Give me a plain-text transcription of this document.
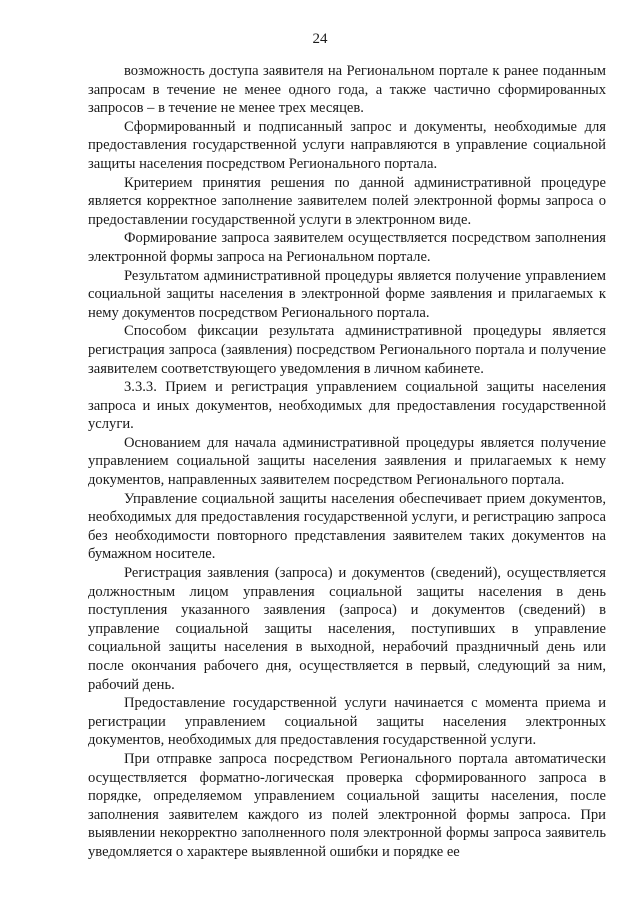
24

возможность доступа заявителя на Региональном портале к ранее поданным запросам в течение не менее одного года, а также частично сформированных запросов – в течение не менее трех месяцев.

Сформированный и подписанный запрос и документы, необходимые для предоставления государственной услуги направляются в управление социальной защиты населения посредством Регионального портала.

Критерием принятия решения по данной административной процедуре является корректное заполнение заявителем полей электронной формы запроса о предоставлении государственной услуги в электронном виде.

Формирование запроса заявителем осуществляется посредством заполнения электронной формы запроса на Региональном портале.

Результатом административной процедуры является получение управлением социальной защиты населения в электронной форме заявления и прилагаемых к нему документов посредством Регионального портала.

Способом фиксации результата административной процедуры является регистрация запроса (заявления) посредством Регионального портала и получение заявителем соответствующего уведомления в личном кабинете.

3.3.3. Прием и регистрация управлением социальной защиты населения запроса и иных документов, необходимых для предоставления государственной услуги.

Основанием для начала административной процедуры является получение управлением социальной защиты населения заявления и прилагаемых к нему документов, направленных заявителем посредством Регионального портала.

Управление социальной защиты населения обеспечивает прием документов, необходимых для предоставления государственной услуги, и регистрацию запроса без необходимости повторного представления заявителем таких документов на бумажном носителе.

Регистрация заявления (запроса) и документов (сведений), осуществляется должностным лицом управления социальной защиты населения в день поступления указанного заявления (запроса) и документов (сведений) в управление социальной защиты населения, поступивших в управление социальной защиты населения в выходной, нерабочий праздничный день или после окончания рабочего дня, осуществляется в первый, следующий за ним, рабочий день.

Предоставление государственной услуги начинается с момента приема и регистрации управлением социальной защиты населения электронных документов, необходимых для предоставления государственной услуги.

При отправке запроса посредством Регионального портала автоматически осуществляется форматно-логическая проверка сформированного запроса в порядке, определяемом управлением социальной защиты населения, после заполнения заявителем каждого из полей электронной формы запроса. При выявлении некорректно заполненного поля электронной формы запроса заявитель уведомляется о характере выявленной ошибки и порядке ее
